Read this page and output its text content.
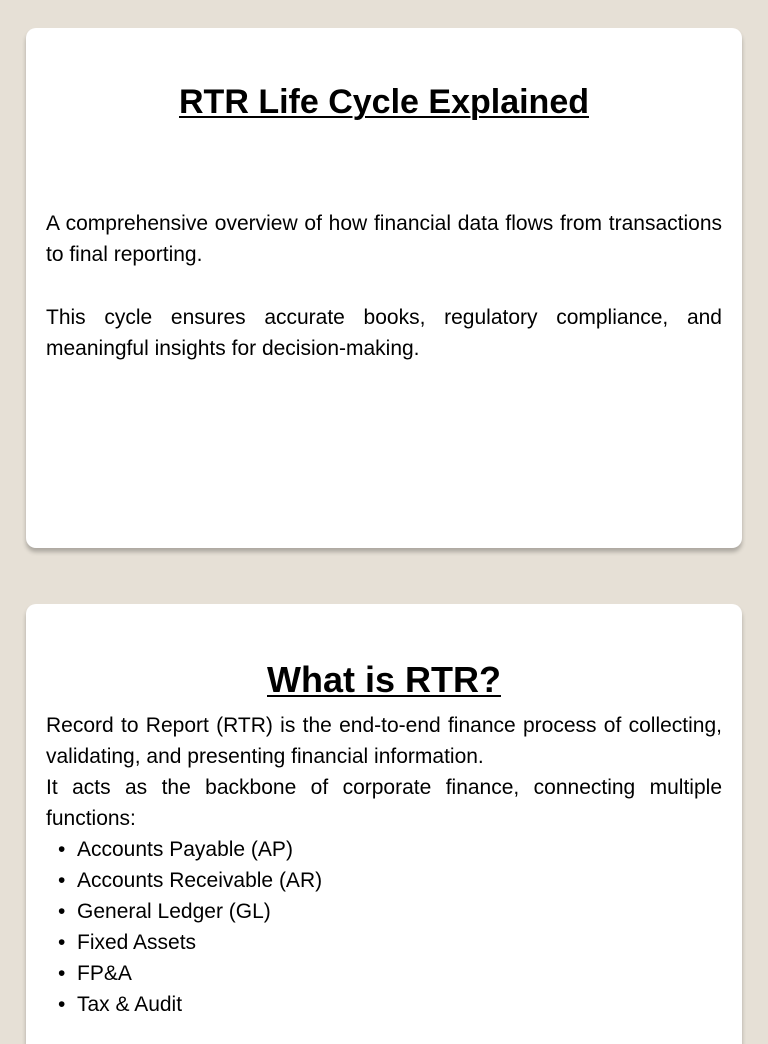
RTR Life Cycle Explained

A comprehensive overview of how financial data flows from transactions to final reporting.

This cycle ensures accurate books, regulatory compliance, and meaningful insights for decision-making.

What is RTR?

Record to Report (RTR) is the end-to-end finance process of collecting, validating, and presenting financial information.

It acts as the backbone of corporate finance, connecting multiple functions:

• Accounts Payable (AP)
• Accounts Receivable (AR)
• General Ledger (GL)
• Fixed Assets
• FP&A
• Tax & Audit
